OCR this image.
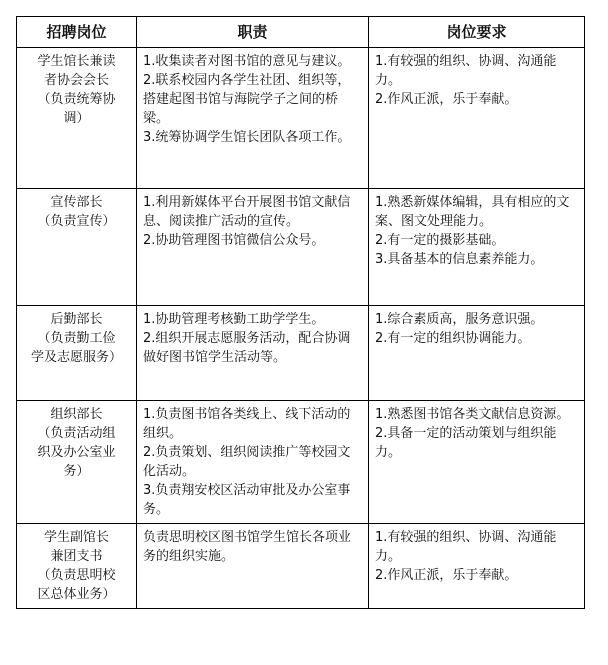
招聘岗位	职责	岗位要求

学生馆长兼读
者协会会长
（负责统筹协
调）	1.收集读者对图书馆的意见与建议。
2.联系校园内各学生社团、组织等，搭建起图书馆与海院学子之间的桥梁。
3.统筹协调学生馆长团队各项工作。	1.有较强的组织、协调、沟通能力。
2.作风正派，乐于奉献。

宣传部长
（负责宣传）	1.利用新媒体平台开展图书馆文献信息、阅读推广活动的宣传。
2.协助管理图书馆微信公众号。	1.熟悉新媒体编辑，具有相应的文案、图文处理能力。
2.有一定的摄影基础。
3.具备基本的信息素养能力。

后勤部长
（负责勤工俭
学及志愿服务）	1.协助管理考核勤工助学学生。
2.组织开展志愿服务活动，配合协调做好图书馆学生活动等。	1.综合素质高，服务意识强。
2.有一定的组织协调能力。

组织部长
（负责活动组
织及办公室业
务）	1.负责图书馆各类线上、线下活动的组织。
2.负责策划、组织阅读推广等校园文化活动。
3.负责翔安校区活动审批及办公室事务。	1.熟悉图书馆各类文献信息资源。
2.具备一定的活动策划与组织能力。

学生副馆长
兼团支书
（负责思明校
区总体业务）	负责思明校区图书馆学生馆长各项业务的组织实施。	1.有较强的组织、协调、沟通能力。
2.作风正派，乐于奉献。
